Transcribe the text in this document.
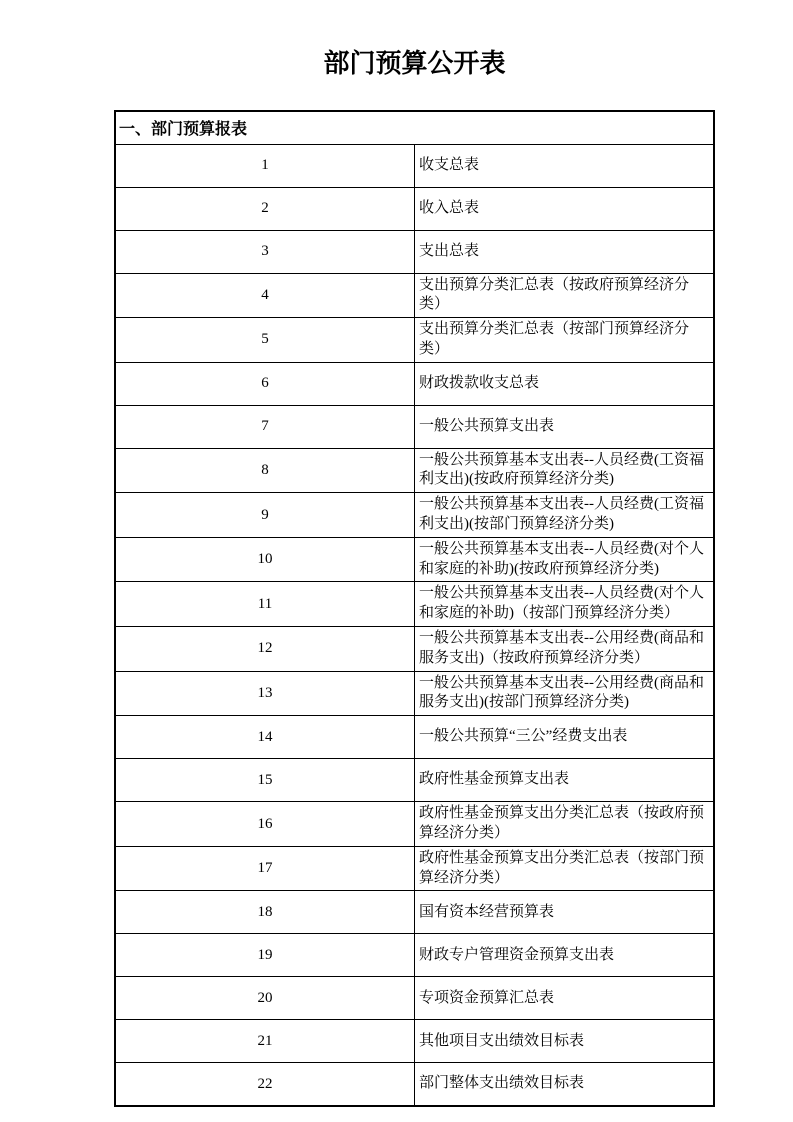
部门预算公开表
一、部门预算报表	
1	收支总表
2	收入总表
3	支出总表
4	支出预算分类汇总表（按政府预算经济分类）
5	支出预算分类汇总表（按部门预算经济分类）
6	财政拨款收支总表
7	一般公共预算支出表
8	一般公共预算基本支出表--人员经费(工资福利支出)(按政府预算经济分类)
9	一般公共预算基本支出表--人员经费(工资福利支出)(按部门预算经济分类)
10	一般公共预算基本支出表--人员经费(对个人和家庭的补助)(按政府预算经济分类)
11	一般公共预算基本支出表--人员经费(对个人和家庭的补助)（按部门预算经济分类）
12	一般公共预算基本支出表--公用经费(商品和服务支出)（按政府预算经济分类）
13	一般公共预算基本支出表--公用经费(商品和服务支出)(按部门预算经济分类)
14	一般公共预算“三公”经费支出表
15	政府性基金预算支出表
16	政府性基金预算支出分类汇总表（按政府预算经济分类）
17	政府性基金预算支出分类汇总表（按部门预算经济分类）
18	国有资本经营预算表
19	财政专户管理资金预算支出表
20	专项资金预算汇总表
21	其他项目支出绩效目标表
22	部门整体支出绩效目标表
